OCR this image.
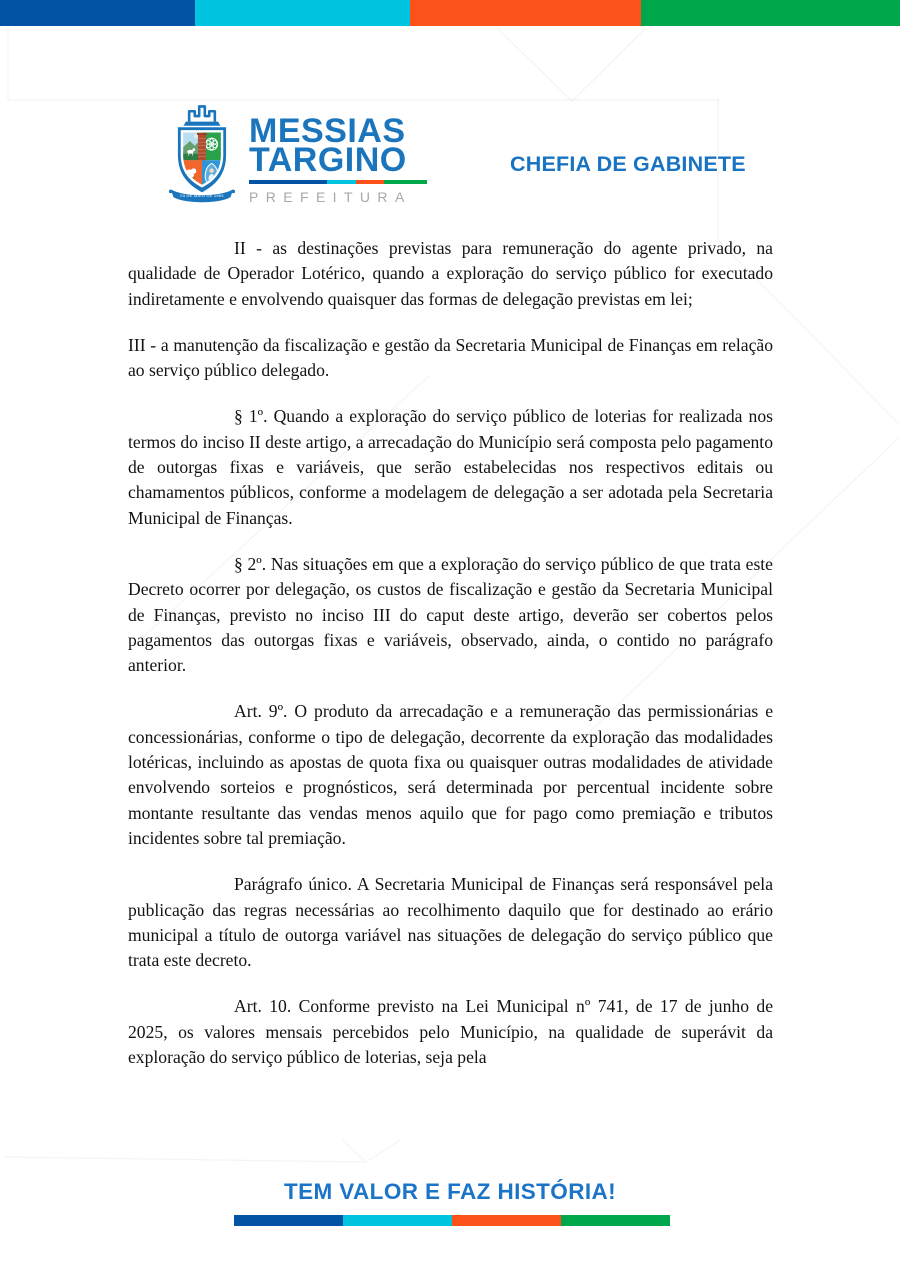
03 DE MAIO DE 1963
MESSIAS
TARGINO
PREFEITURA
CHEFIA DE GABINETE

II - as destinações previstas para remuneração do agente privado, na qualidade de Operador Lotérico, quando a exploração do serviço público for executado indiretamente e envolvendo quaisquer das formas de delegação previstas em lei;

III - a manutenção da fiscalização e gestão da Secretaria Municipal de Finanças em relação ao serviço público delegado.

§ 1º. Quando a exploração do serviço público de loterias for realizada nos termos do inciso II deste artigo, a arrecadação do Município será composta pelo pagamento de outorgas fixas e variáveis, que serão estabelecidas nos respectivos editais ou chamamentos públicos, conforme a modelagem de delegação a ser adotada pela Secretaria Municipal de Finanças.

§ 2º. Nas situações em que a exploração do serviço público de que trata este Decreto ocorrer por delegação, os custos de fiscalização e gestão da Secretaria Municipal de Finanças, previsto no inciso III do caput deste artigo, deverão ser cobertos pelos pagamentos das outorgas fixas e variáveis, observado, ainda, o contido no parágrafo anterior.

Art. 9º. O produto da arrecadação e a remuneração das permissionárias e concessionárias, conforme o tipo de delegação, decorrente da exploração das modalidades lotéricas, incluindo as apostas de quota fixa ou quaisquer outras modalidades de atividade envolvendo sorteios e prognósticos, será determinada por percentual incidente sobre montante resultante das vendas menos aquilo que for pago como premiação e tributos incidentes sobre tal premiação.

Parágrafo único. A Secretaria Municipal de Finanças será responsável pela publicação das regras necessárias ao recolhimento daquilo que for destinado ao erário municipal a título de outorga variável nas situações de delegação do serviço público que trata este decreto.

Art. 10. Conforme previsto na Lei Municipal nº 741, de 17 de junho de 2025, os valores mensais percebidos pelo Município, na qualidade de superávit da exploração do serviço público de loterias, seja pela

TEM VALOR E FAZ HISTÓRIA!
